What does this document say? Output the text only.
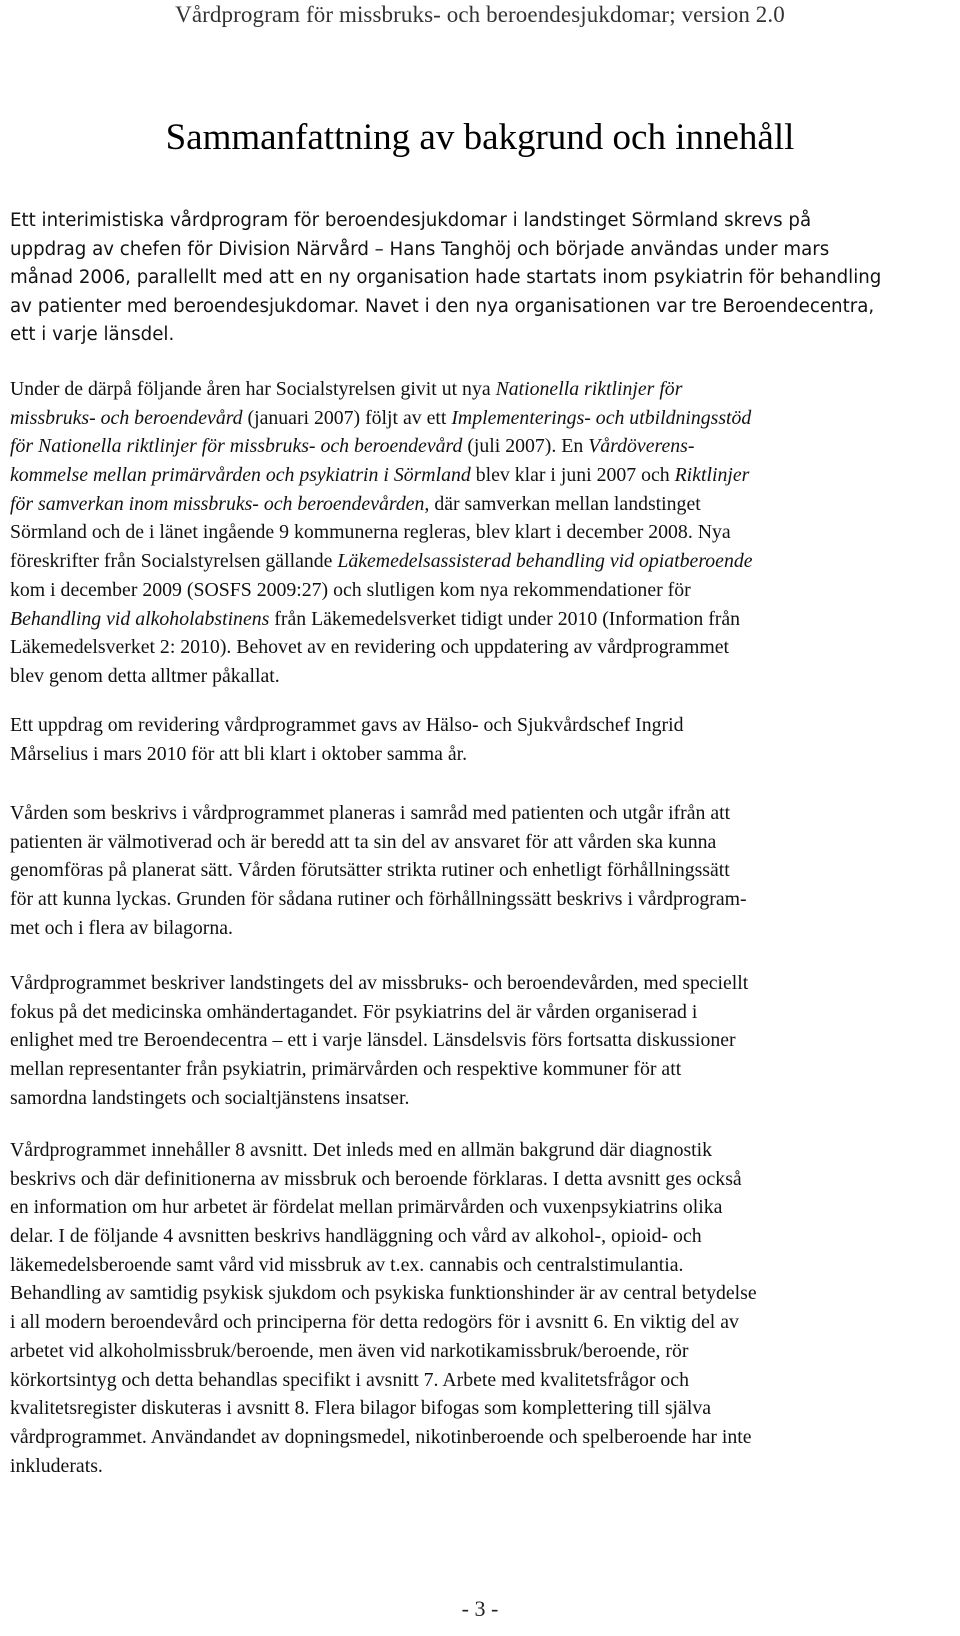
Vårdprogram för missbruks- och beroendesjukdomar; version 2.0
Sammanfattning av bakgrund och innehåll
Ett interimistiska vårdprogram för beroendesjukdomar i landstinget Sörmland skrevs på
uppdrag av chefen för Division Närvård – Hans Tanghöj och började användas under mars
månad 2006, parallellt med att en ny organisation hade startats inom psykiatrin för behandling
av patienter med beroendesjukdomar. Navet i den nya organisationen var tre Beroendecentra,
ett i varje länsdel.
Under de därpå följande åren har Socialstyrelsen givit ut nya Nationella riktlinjer för
missbruks- och beroendevård (januari 2007) följt av ett Implementerings- och utbildningsstöd
för Nationella riktlinjer för missbruks- och beroendevård (juli 2007). En Vårdöverens-
kommelse mellan primärvården och psykiatrin i Sörmland blev klar i juni 2007 och Riktlinjer
för samverkan inom missbruks- och beroendevården, där samverkan mellan landstinget
Sörmland och de i länet ingående 9 kommunerna regleras, blev klart i december 2008. Nya
föreskrifter från Socialstyrelsen gällande Läkemedelsassisterad behandling vid opiatberoende
kom i december 2009 (SOSFS 2009:27) och slutligen kom nya rekommendationer för
Behandling vid alkoholabstinens från Läkemedelsverket tidigt under 2010 (Information från
Läkemedelsverket 2: 2010). Behovet av en revidering och uppdatering av vårdprogrammet
blev genom detta alltmer påkallat.
Ett uppdrag om revidering vårdprogrammet gavs av Hälso- och Sjukvårdschef Ingrid
Mårselius i mars 2010 för att bli klart i oktober samma år.
Vården som beskrivs i vårdprogrammet planeras i samråd med patienten och utgår ifrån att
patienten är välmotiverad och är beredd att ta sin del av ansvaret för att vården ska kunna
genomföras på planerat sätt. Vården förutsätter strikta rutiner och enhetligt förhållningssätt
för att kunna lyckas. Grunden för sådana rutiner och förhållningssätt beskrivs i vårdprogram-
met och i flera av bilagorna.
Vårdprogrammet beskriver landstingets del av missbruks- och beroendevården, med speciellt
fokus på det medicinska omhändertagandet. För psykiatrins del är vården organiserad i
enlighet med tre Beroendecentra – ett i varje länsdel. Länsdelsvis förs fortsatta diskussioner
mellan representanter från psykiatrin, primärvården och respektive kommuner för att
samordna landstingets och socialtjänstens insatser.
Vårdprogrammet innehåller 8 avsnitt. Det inleds med en allmän bakgrund där diagnostik
beskrivs och där definitionerna av missbruk och beroende förklaras. I detta avsnitt ges också
en information om hur arbetet är fördelat mellan primärvården och vuxenpsykiatrins olika
delar. I de följande 4 avsnitten beskrivs handläggning och vård av alkohol-, opioid- och
läkemedelsberoende samt vård vid missbruk av t.ex. cannabis och centralstimulantia.
Behandling av samtidig psykisk sjukdom och psykiska funktionshinder är av central betydelse
i all modern beroendevård och principerna för detta redogörs för i avsnitt 6. En viktig del av
arbetet vid alkoholmissbruk/beroende, men även vid narkotikamissbruk/beroende, rör
körkortsintyg och detta behandlas specifikt i avsnitt 7. Arbete med kvalitetsfrågor och
kvalitetsregister diskuteras i avsnitt 8. Flera bilagor bifogas som komplettering till själva
vårdprogrammet. Användandet av dopningsmedel, nikotinberoende och spelberoende har inte
inkluderats.
- 3 -
